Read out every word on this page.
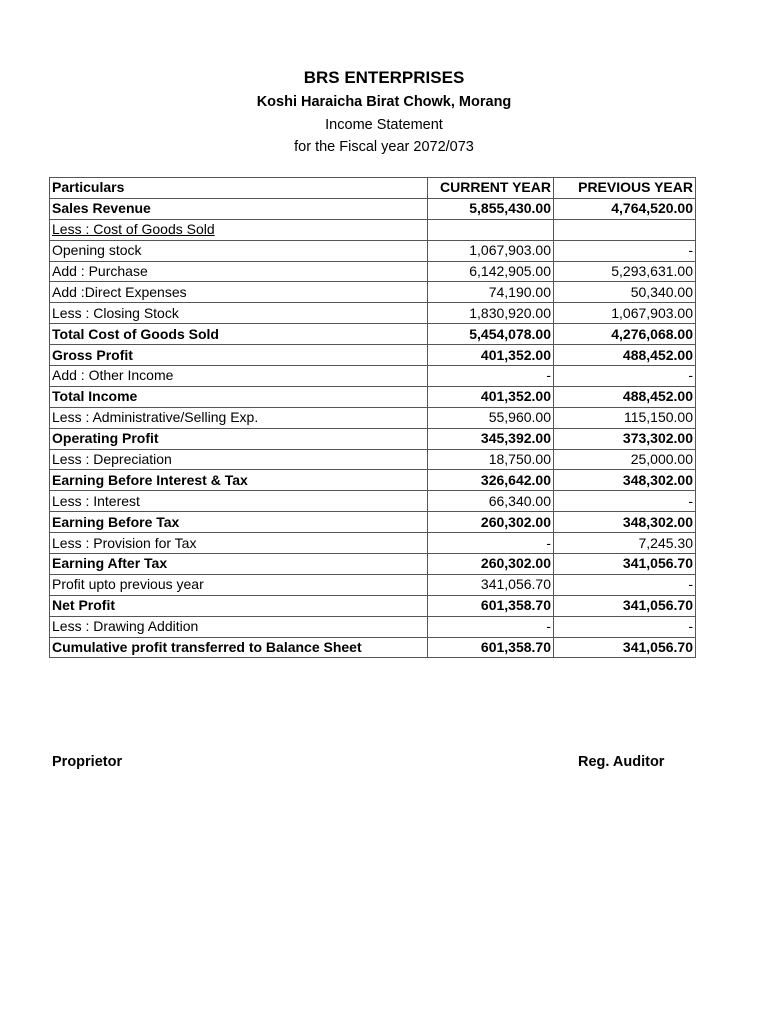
BRS ENTERPRISES
Koshi Haraicha Birat Chowk, Morang
Income Statement
for the Fiscal year 2072/073
Particulars	CURRENT YEAR	PREVIOUS YEAR
Sales Revenue	5,855,430.00	4,764,520.00
Less : Cost of Goods Sold		
Opening stock	1,067,903.00	-
Add : Purchase	6,142,905.00	5,293,631.00
Add :Direct Expenses	74,190.00	50,340.00
Less : Closing Stock	1,830,920.00	1,067,903.00
Total Cost of Goods Sold	5,454,078.00	4,276,068.00
Gross Profit	401,352.00	488,452.00
Add : Other Income	-	-
Total Income	401,352.00	488,452.00
Less : Administrative/Selling Exp.	55,960.00	115,150.00
Operating Profit	345,392.00	373,302.00
Less : Depreciation	18,750.00	25,000.00
Earning Before Interest & Tax	326,642.00	348,302.00
Less : Interest	66,340.00	-
Earning Before Tax	260,302.00	348,302.00
Less : Provision for Tax	-	7,245.30
Earning After Tax	260,302.00	341,056.70
Profit upto previous year	341,056.70	-
Net Profit	601,358.70	341,056.70
Less : Drawing Addition	-	-
Cumulative profit transferred to Balance Sheet	601,358.70	341,056.70
Proprietor	Reg. Auditor
